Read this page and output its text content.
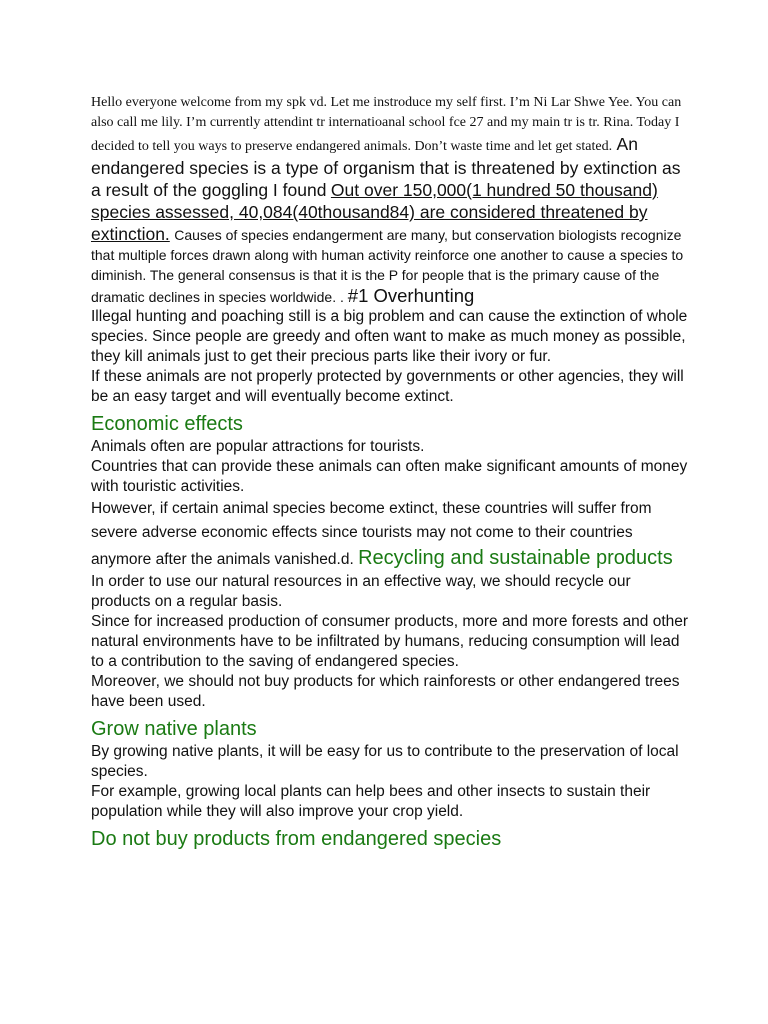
Hello everyone welcome from my spk vd. Let me instroduce my self first. I’m Ni Lar Shwe Yee. You can also call me lily. I’m currently attendint tr internatioanal school fce 27 and my main tr is tr. Rina. Today I decided to tell you ways to preserve endangered animals. Don’t waste time and let get stated. An endangered species is a type of organism that is threatened by extinction as a result of the goggling I found Out over 150,000(1 hundred 50 thousand) species assessed, 40,084(40thousand84) are considered threatened by extinction. Causes of species endangerment are many, but conservation biologists recognize that multiple forces drawn along with human activity reinforce one another to cause a species to diminish. The general consensus is that it is the P for people that is the primary cause of the dramatic declines in species worldwide. . #1 Overhunting

Illegal hunting and poaching still is a big problem and can cause the extinction of whole species. Since people are greedy and often want to make as much money as possible, they kill animals just to get their precious parts like their ivory or fur.

If these animals are not properly protected by governments or other agencies, they will be an easy target and will eventually become extinct.

Economic effects

Animals often are popular attractions for tourists.

Countries that can provide these animals can often make significant amounts of money with touristic activities.

However, if certain animal species become extinct, these countries will suffer from severe adverse economic effects since tourists may not come to their countries anymore after the animals vanished.d. Recycling and sustainable products

In order to use our natural resources in an effective way, we should recycle our products on a regular basis.

Since for increased production of consumer products, more and more forests and other natural environments have to be infiltrated by humans, reducing consumption will lead to a contribution to the saving of endangered species.

Moreover, we should not buy products for which rainforests or other endangered trees have been used.

Grow native plants

By growing native plants, it will be easy for us to contribute to the preservation of local species.

For example, growing local plants can help bees and other insects to sustain their population while they will also improve your crop yield.

Do not buy products from endangered species
